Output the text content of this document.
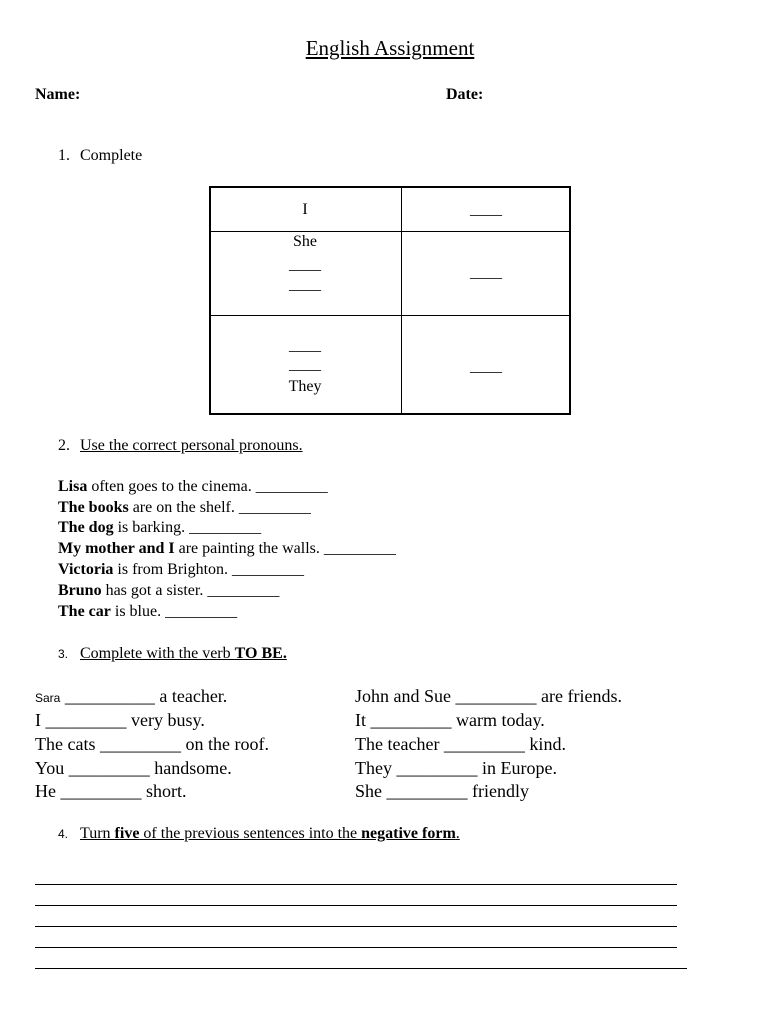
English Assignment
Name:	Date:
1. Complete
I	____
She
____
____
____
____
____
They
____
2. Use the correct personal pronouns.
Lisa often goes to the cinema. _________
The books are on the shelf. _________
The dog is barking. _________
My mother and I are painting the walls. _________
Victoria is from Brighton. _________
Bruno has got a sister. _________
The car is blue. _________
3. Complete with the verb TO BE.
Sara __________ a teacher.
I _________ very busy.
The cats _________ on the roof.
You _________ handsome.
He _________ short.
John and Sue _________ are friends.
It _________ warm today.
The teacher _________ kind.
They _________ in Europe.
She _________ friendly
4. Turn five of the previous sentences into the negative form.
